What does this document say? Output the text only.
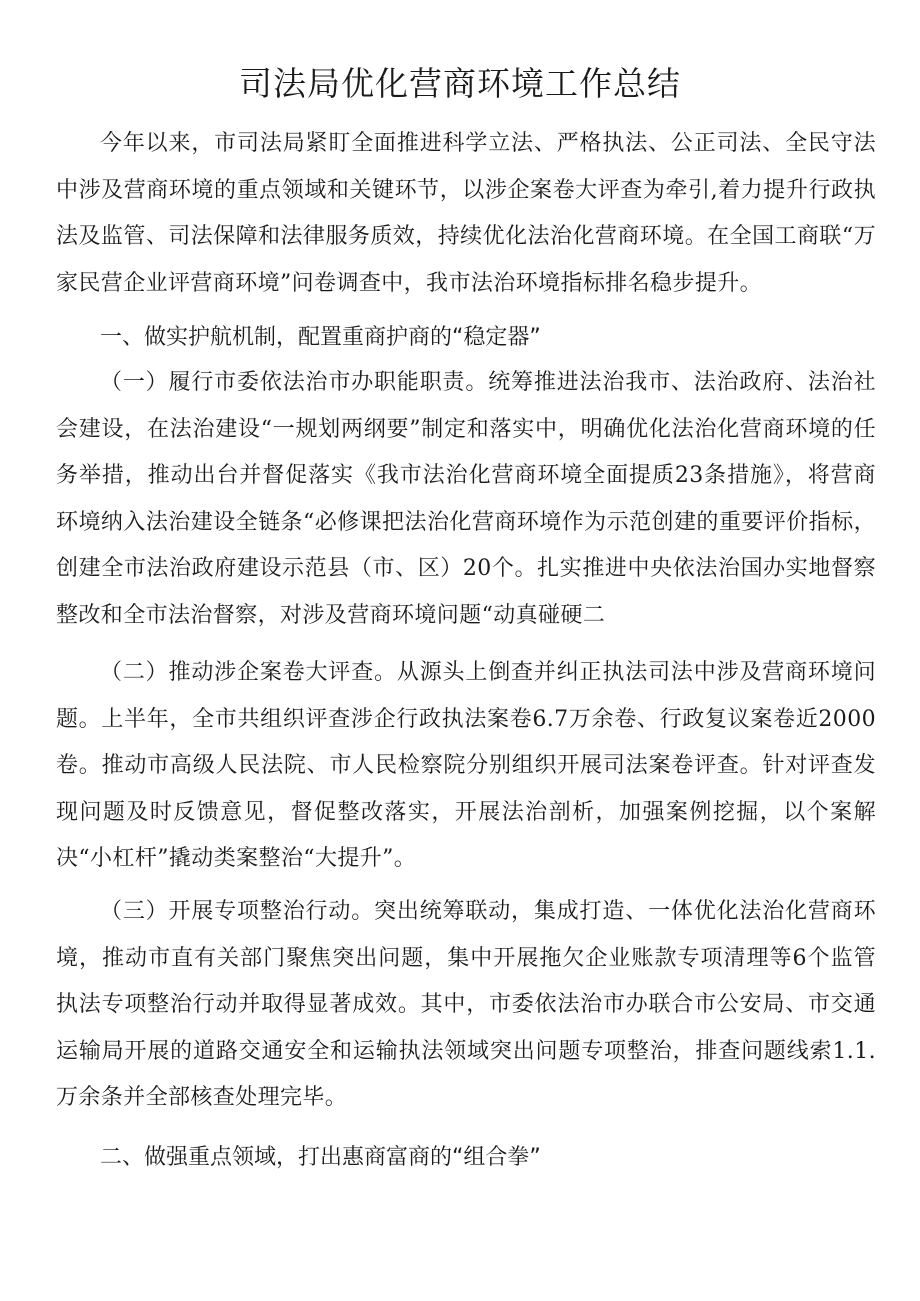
司法局优化营商环境工作总结

今年以来，市司法局紧盯全面推进科学立法、严格执法、公正司法、全民守法中涉及营商环境的重点领域和关键环节，以涉企案卷大评查为牵引,着力提升行政执法及监管、司法保障和法律服务质效，持续优化法治化营商环境。在全国工商联“万家民营企业评营商环境”问卷调查中，我市法治环境指标排名稳步提升。

一、做实护航机制，配置重商护商的“稳定器”

（一）履行市委依法治市办职能职责。统筹推进法治我市、法治政府、法治社会建设，在法治建设“一规划两纲要”制定和落实中，明确优化法治化营商环境的任务举措，推动出台并督促落实《我市法治化营商环境全面提质23条措施》，将营商环境纳入法治建设全链条“必修课把法治化营商环境作为示范创建的重要评价指标，创建全市法治政府建设示范县（市、区）20个。扎实推进中央依法治国办实地督察整改和全市法治督察，对涉及营商环境问题“动真碰硬二

（二）推动涉企案卷大评查。从源头上倒查并纠正执法司法中涉及营商环境问题。上半年，全市共组织评查涉企行政执法案卷6.7万余卷、行政复议案卷近2000卷。推动市高级人民法院、市人民检察院分别组织开展司法案卷评查。针对评查发现问题及时反馈意见，督促整改落实，开展法治剖析，加强案例挖掘，以个案解决“小杠杆”撬动类案整治“大提升”。

（三）开展专项整治行动。突出统筹联动，集成打造、一体优化法治化营商环境，推动市直有关部门聚焦突出问题，集中开展拖欠企业账款专项清理等6个监管执法专项整治行动并取得显著成效。其中，市委依法治市办联合市公安局、市交通运输局开展的道路交通安全和运输执法领域突出问题专项整治，排查问题线索1.1.万余条并全部核查处理完毕。

二、做强重点领域，打出惠商富商的“组合拳”
